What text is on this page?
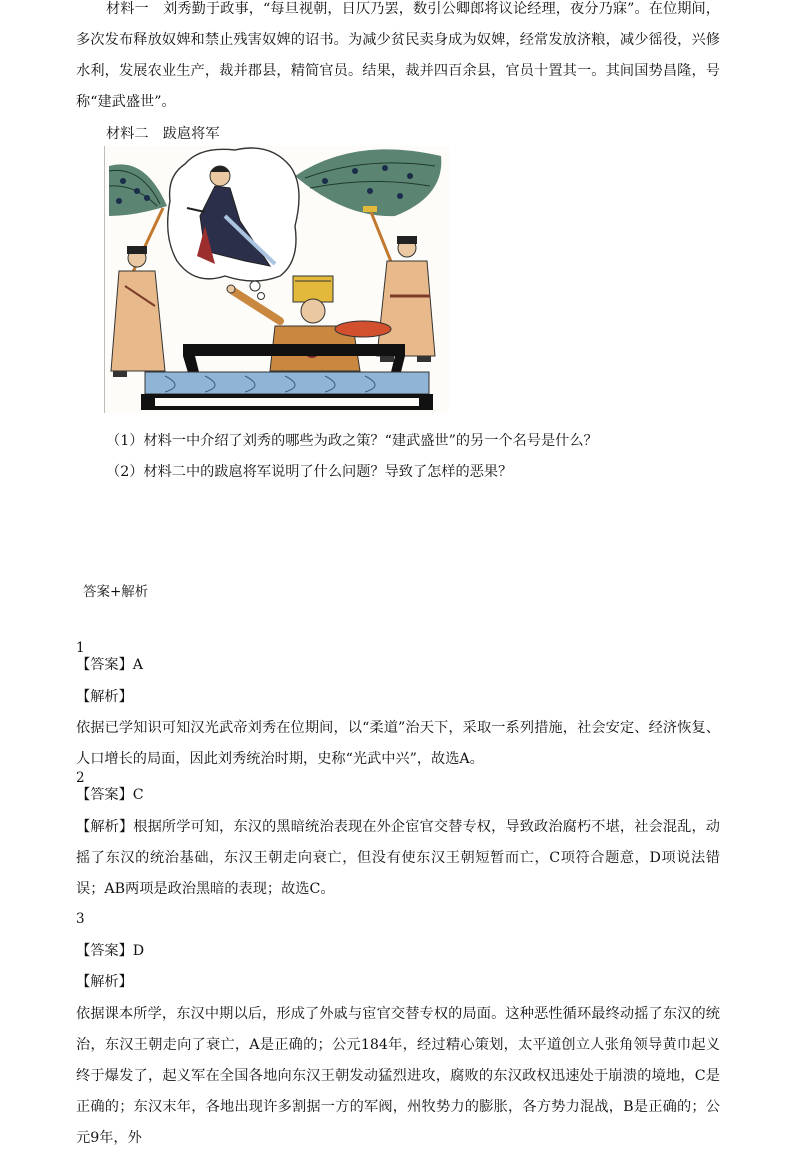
材料一　刘秀勤于政事，“每旦视朝，日仄乃罢，数引公卿郎将议论经理，夜分乃寐”。在位期间，多次发布释放奴婢和禁止残害奴婢的诏书。为减少贫民卖身成为奴婢，经常发放济粮，减少徭役，兴修水利，发展农业生产，裁并郡县，精简官员。结果，裁并四百余县，官员十置其一。其间国势昌隆，号称“建武盛世”。

材料二　跋扈将军

（1）材料一中介绍了刘秀的哪些为政之策？“建武盛世”的另一个名号是什么？

（2）材料二中的跋扈将军说明了什么问题？导致了怎样的恶果？

答案+解析

1

【答案】A

【解析】

依据已学知识可知汉光武帝刘秀在位期间，以“柔道”治天下，采取一系列措施，社会安定、经济恢复、人口增长的局面，因此刘秀统治时期，史称“光武中兴”，故选A。

2

【答案】C

【解析】根据所学可知，东汉的黑暗统治表现在外企宦官交替专权，导致政治腐朽不堪，社会混乱，动摇了东汉的统治基础，东汉王朝走向衰亡，但没有使东汉王朝短暂而亡，C项符合题意，D项说法错误；AB两项是政治黑暗的表现；故选C。

3

【答案】D

【解析】

依据课本所学，东汉中期以后，形成了外戚与宦官交替专权的局面。这种恶性循环最终动摇了东汉的统治，东汉王朝走向了衰亡，A是正确的；公元184年，经过精心策划，太平道创立人张角领导黄巾起义终于爆发了，起义军在全国各地向东汉王朝发动猛烈进攻，腐败的东汉政权迅速处于崩溃的境地，C是正确的；东汉末年，各地出现许多割据一方的军阀，州牧势力的膨胀，各方势力混战，B是正确的；公元9年，外
